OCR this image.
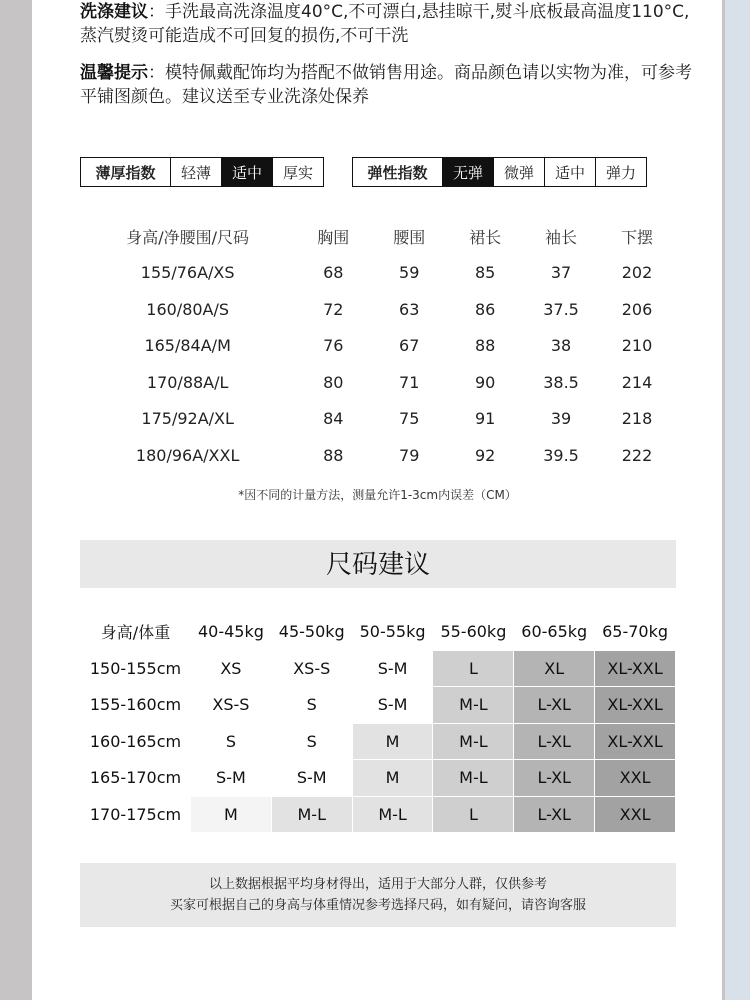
洗涤建议：手洗最高洗涤温度40°C,不可漂白,悬挂晾干,熨斗底板最高温度110°C,蒸汽熨烫可能造成不可回复的损伤,不可干洗
温馨提示：模特佩戴配饰均为搭配不做销售用途。商品颜色请以实物为准，可参考平铺图颜色。建议送至专业洗涤处保养
薄厚指数	轻薄	适中	厚实	弹性指数	无弹	微弹	适中	弹力
身高/净腰围/尺码	胸围	腰围	裙长	袖长	下摆
155/76A/XS	68	59	85	37	202
160/80A/S	72	63	86	37.5	206
165/84A/M	76	67	88	38	210
170/88A/L	80	71	90	38.5	214
175/92A/XL	84	75	91	39	218
180/96A/XXL	88	79	92	39.5	222
*因不同的计量方法，测量允许1-3cm内误差（CM）
尺码建议
身高/体重	40-45kg	45-50kg	50-55kg	55-60kg	60-65kg	65-70kg
150-155cm	XS	XS-S	S-M	L	XL	XL-XXL
155-160cm	XS-S	S	S-M	M-L	L-XL	XL-XXL
160-165cm	S	S	M	M-L	L-XL	XL-XXL
165-170cm	S-M	S-M	M	M-L	L-XL	XXL
170-175cm	M	M-L	M-L	L	L-XL	XXL
以上数据根据平均身材得出，适用于大部分人群，仅供参考
买家可根据自己的身高与体重情况参考选择尺码，如有疑问，请咨询客服
